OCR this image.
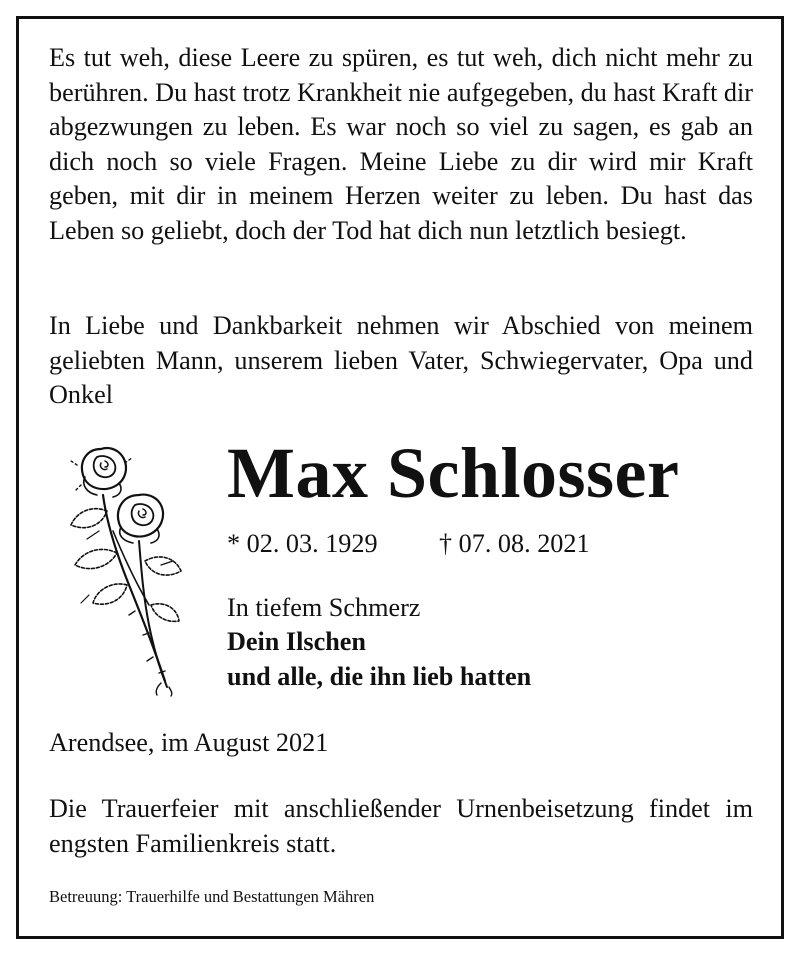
Es tut weh, diese Leere zu spüren, es tut weh, dich nicht mehr zu berühren. Du hast trotz Krankheit nie aufgegeben, du hast Kraft dir abgezwungen zu leben. Es war noch so viel zu sagen, es gab an dich noch so viele Fragen. Meine Liebe zu dir wird mir Kraft geben, mit dir in meinem Herzen weiter zu leben. Du hast das Leben so geliebt, doch der Tod hat dich nun letztlich besiegt.

In Liebe und Dankbarkeit nehmen wir Abschied von meinem geliebten Mann, unserem lieben Vater, Schwiegervater, Opa und Onkel

Max Schlosser
* 02. 03. 1929 † 07. 08. 2021
In tiefem Schmerz
Dein Ilschen
und alle, die ihn lieb hatten
Arendsee, im August 2021

Die Trauerfeier mit anschließender Urnenbeisetzung findet im engsten Familienkreis statt.

Betreuung: Trauerhilfe und Bestattungen Mähren
